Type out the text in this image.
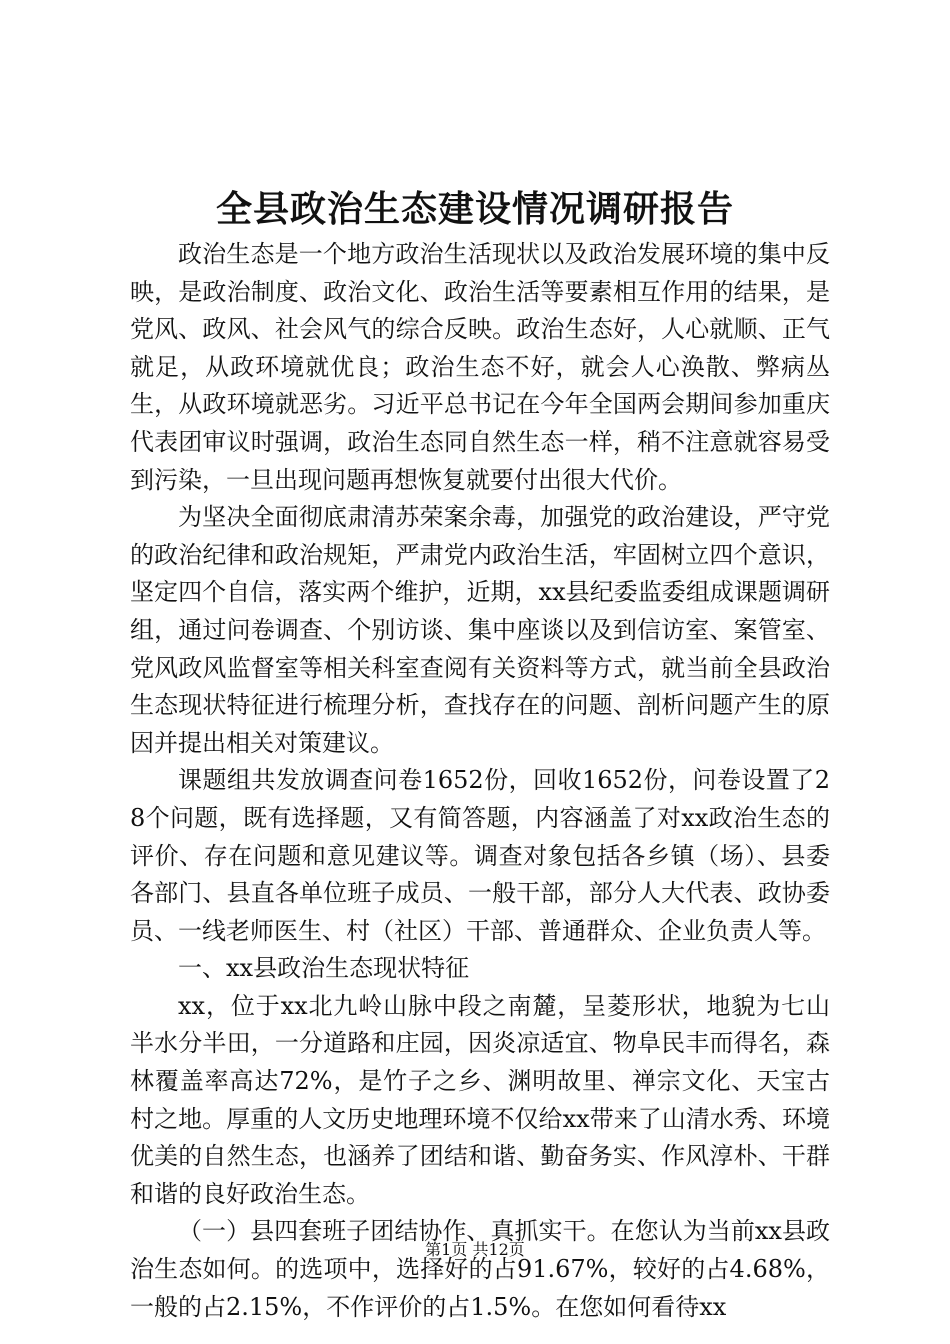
全县政治生态建设情况调研报告

政治生态是一个地方政治生活现状以及政治发展环境的集中反映，是政治制度、政治文化、政治生活等要素相互作用的结果，是党风、政风、社会风气的综合反映。政治生态好，人心就顺、正气就足，从政环境就优良；政治生态不好，就会人心涣散、弊病丛生，从政环境就恶劣。习近平总书记在今年全国两会期间参加重庆代表团审议时强调，政治生态同自然生态一样，稍不注意就容易受到污染，一旦出现问题再想恢复就要付出很大代价。

为坚决全面彻底肃清苏荣案余毒，加强党的政治建设，严守党的政治纪律和政治规矩，严肃党内政治生活，牢固树立四个意识，坚定四个自信，落实两个维护，近期，xx县纪委监委组成课题调研组，通过问卷调查、个别访谈、集中座谈以及到信访室、案管室、党风政风监督室等相关科室查阅有关资料等方式，就当前全县政治生态现状特征进行梳理分析，查找存在的问题、剖析问题产生的原因并提出相关对策建议。

课题组共发放调查问卷1652份，回收1652份，问卷设置了28个问题，既有选择题，又有简答题，内容涵盖了对xx政治生态的评价、存在问题和意见建议等。调查对象包括各乡镇（场）、县委各部门、县直各单位班子成员、一般干部，部分人大代表、政协委员、一线老师医生、村（社区）干部、普通群众、企业负责人等。

一、xx县政治生态现状特征

xx，位于xx北九岭山脉中段之南麓，呈菱形状，地貌为七山半水分半田，一分道路和庄园，因炎凉适宜、物阜民丰而得名，森林覆盖率高达72%，是竹子之乡、渊明故里、禅宗文化、天宝古村之地。厚重的人文历史地理环境不仅给xx带来了山清水秀、环境优美的自然生态，也涵养了团结和谐、勤奋务实、作风淳朴、干群和谐的良好政治生态。

（一）县四套班子团结协作、真抓实干。在您认为当前xx县政治生态如何。的选项中，选择好的占91.67%，较好的占4.68%，一般的占2.15%，不作评价的占1.5%。在您如何看待xx

第1页 共12页
